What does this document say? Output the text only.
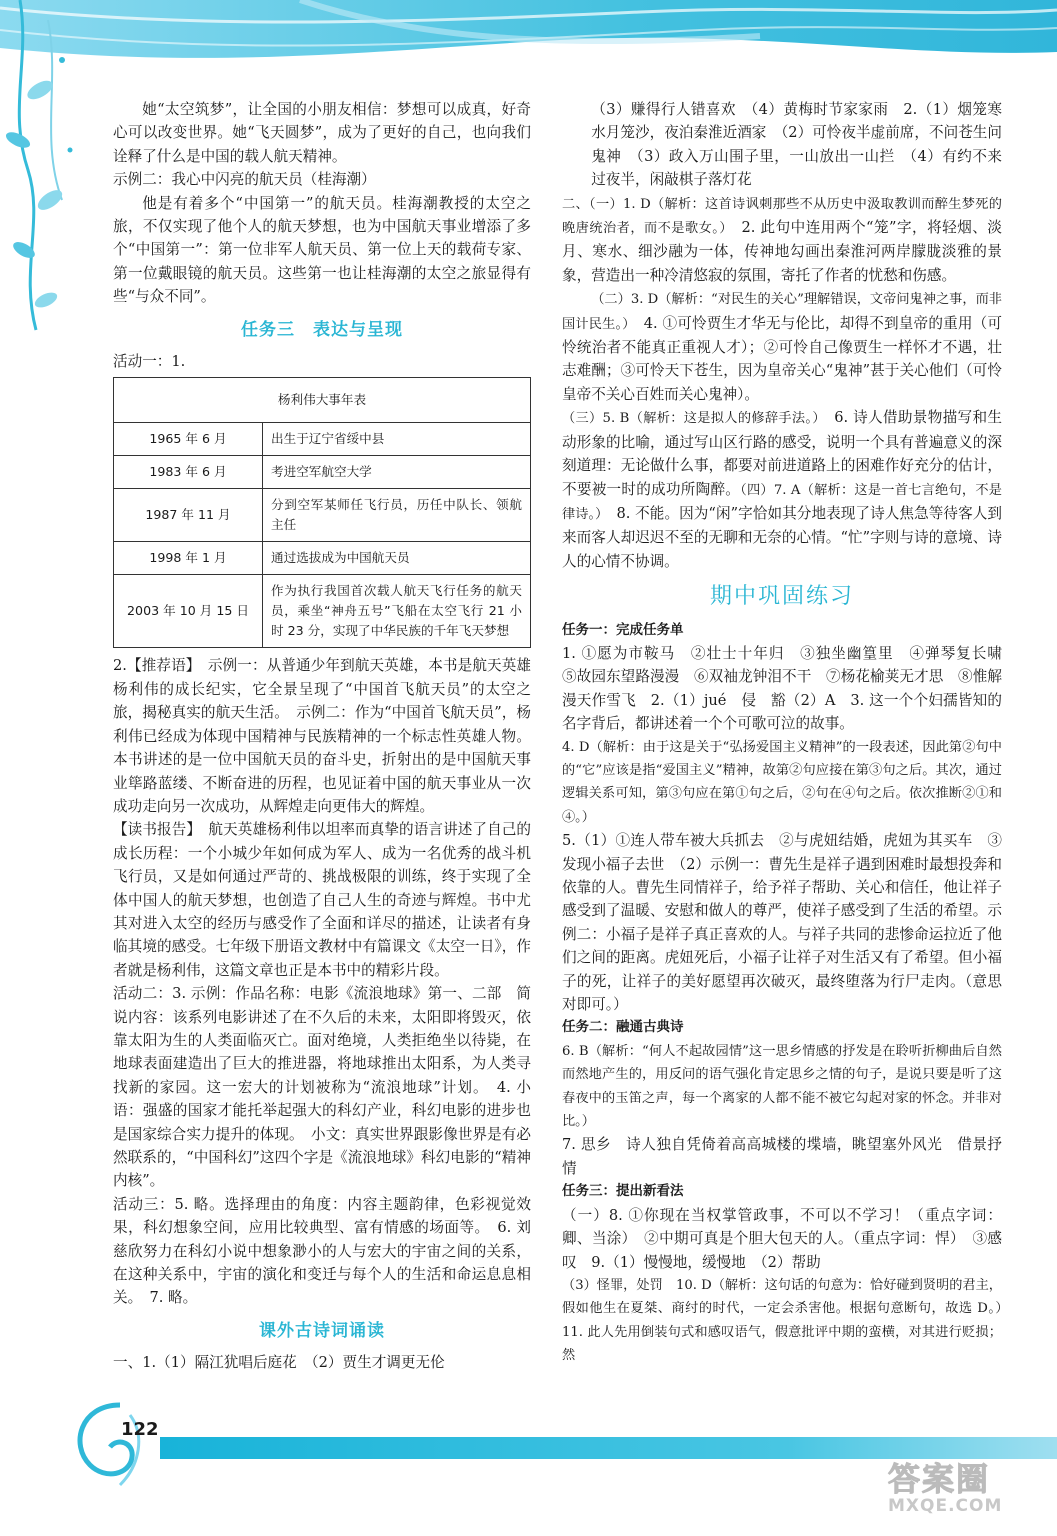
她“太空筑梦”，让全国的小朋友相信：梦想可以成真，好奇心可以改变世界。她“飞天圆梦”，成为了更好的自己，也向我们诠释了什么是中国的载人航天精神。

示例二：我心中闪亮的航天员（桂海潮）

他是有着多个“中国第一”的航天员。桂海潮教授的太空之旅，不仅实现了他个人的航天梦想，也为中国航天事业增添了多个“中国第一”：第一位非军人航天员、第一位上天的载荷专家、第一位戴眼镜的航天员。这些第一也让桂海潮的太空之旅显得有些“与众不同”。

任务三　表达与呈现

活动一：1.

杨利伟大事年表	
1965 年 6 月	出生于辽宁省绥中县
1983 年 6 月	考进空军航空大学
1987 年 11 月	分到空军某师任飞行员，历任中队长、领航主任
1998 年 1 月	通过选拔成为中国航天员
2003 年 10 月 15 日	作为执行我国首次载人航天飞行任务的航天员，乘坐“神舟五号”飞船在太空飞行 21 小时 23 分，实现了中华民族的千年飞天梦想

2.【推荐语】　示例一：从普通少年到航天英雄，本书是航天英雄杨利伟的成长纪实，它全景呈现了“中国首飞航天员”的太空之旅，揭秘真实的航天生活。　示例二：作为“中国首飞航天员”，杨利伟已经成为体现中国精神与民族精神的一个标志性英雄人物。本书讲述的是一位中国航天员的奋斗史，折射出的是中国航天事业筚路蓝缕、不断奋进的历程，也见证着中国的航天事业从一次成功走向另一次成功，从辉煌走向更伟大的辉煌。

【读书报告】　航天英雄杨利伟以坦率而真挚的语言讲述了自己的成长历程：一个小城少年如何成为军人、成为一名优秀的战斗机飞行员，又是如何通过严苛的、挑战极限的训练，终于实现了全体中国人的航天梦想，也创造了自己人生的奇迹与辉煌。书中尤其对进入太空的经历与感受作了全面和详尽的描述，让读者有身临其境的感受。七年级下册语文教材中有篇课文《太空一日》，作者就是杨利伟，这篇文章也正是本书中的精彩片段。

活动二：3. 示例：作品名称：电影《流浪地球》第一、二部　简说内容：该系列电影讲述了在不久后的未来，太阳即将毁灭，依靠太阳为生的人类面临灭亡。面对绝境，人类拒绝坐以待毙，在地球表面建造出了巨大的推进器，将地球推出太阳系，为人类寻找新的家园。这一宏大的计划被称为“流浪地球”计划。　4. 小语：强盛的国家才能托举起强大的科幻产业，科幻电影的进步也是国家综合实力提升的体现。　小文：真实世界跟影像世界是有必然联系的，“中国科幻”这四个字是《流浪地球》科幻电影的“精神内核”。

活动三：5. 略。选择理由的角度：内容主题韵律，色彩视觉效果，科幻想象空间，应用比较典型、富有情感的场面等。　6. 刘慈欣努力在科幻小说中想象渺小的人与宏大的宇宙之间的关系，在这种关系中，宇宙的演化和变迁与每个人的生活和命运息息相关。　7. 略。

课外古诗词诵读

一、1.（1）隔江犹唱后庭花　（2）贾生才调更无伦

（3）赚得行人错喜欢　（4）黄梅时节家家雨　2.（1）烟笼寒水月笼沙，夜泊秦淮近酒家　（2）可怜夜半虚前席，不问苍生问鬼神　（3）政入万山围子里，一山放出一山拦　（4）有约不来过夜半，闲敲棋子落灯花

二、（一）1. D（解析：这首诗讽刺那些不从历史中汲取教训而醉生梦死的晚唐统治者，而不是歌女。）　2. 此句中连用两个“笼”字，将轻烟、淡月、寒水、细沙融为一体，传神地勾画出秦淮河两岸朦胧淡雅的景象，营造出一种冷清悠寂的氛围，寄托了作者的忧愁和伤感。

（二）3. D（解析：“对民生的关心”理解错误，文帝问鬼神之事，而非国计民生。）　4. ①可怜贾生才华无与伦比，却得不到皇帝的重用（可怜统治者不能真正重视人才）；②可怜自己像贾生一样怀才不遇，壮志难酬；③可怜天下苍生，因为皇帝关心“鬼神”甚于关心他们（可怜皇帝不关心百姓而关心鬼神）。

（三）5. B（解析：这是拟人的修辞手法。）　6. 诗人借助景物描写和生动形象的比喻，通过写山区行路的感受，说明一个具有普遍意义的深刻道理：无论做什么事，都要对前进道路上的困难作好充分的估计，不要被一时的成功所陶醉。（四）7. A（解析：这是一首七言绝句，不是律诗。）　8. 不能。因为“闲”字恰如其分地表现了诗人焦急等待客人到来而客人却迟迟不至的无聊和无奈的心情。“忙”字则与诗的意境、诗人的心情不协调。

期中巩固练习

任务一：完成任务单

1. ①愿为市鞍马　②壮士十年归　③独坐幽篁里　④弹琴复长啸　⑤故园东望路漫漫　⑥双袖龙钟泪不干　⑦杨花榆荚无才思　⑧惟解漫天作雪飞　2.（1）jué　侵　豁（2）A　3. 这一个个妇孺皆知的名字背后，都讲述着一个个可歌可泣的故事。

4. D（解析：由于这是关于“弘扬爱国主义精神”的一段表述，因此第②句中的“它”应该是指“爱国主义”精神，故第②句应接在第③句之后。其次，通过逻辑关系可知，第③句应在第①句之后，②句在④句之后。依次推断②①和④。）

5.（1）①连人带车被大兵抓去　②与虎妞结婚，虎妞为其买车　③发现小福子去世　（2）示例一：曹先生是祥子遇到困难时最想投奔和依靠的人。曹先生同情祥子，给予祥子帮助、关心和信任，他让祥子感受到了温暖、安慰和做人的尊严，使祥子感受到了生活的希望。示例二：小福子是祥子真正喜欢的人。与祥子共同的悲惨命运拉近了他们之间的距离。虎妞死后，小福子让祥子对生活又有了希望。但小福子的死，让祥子的美好愿望再次破灭，最终堕落为行尸走肉。（意思对即可。）

任务二：融通古典诗

6. B（解析：“何人不起故园情”这一思乡情感的抒发是在聆听折柳曲后自然而然地产生的，用反问的语气强化肯定思乡之情的句子，是说只要是听了这春夜中的玉笛之声，每一个离家的人都不能不被它勾起对家的怀念。并非对比。）

7. 思乡　诗人独自凭倚着高高城楼的堞墙，眺望塞外风光　借景抒情

任务三：提出新看法

（一）8. ①你现在当权掌管政事，不可以不学习！（重点字词：卿、当涂）　②中期可真是个胆大包天的人。（重点字词：悍）　③感叹　9.（1）慢慢地，缓慢地　（2）帮助

（3）怪罪，处罚　10. D（解析：这句话的句意为：恰好碰到贤明的君主，假如他生在夏桀、商纣的时代，一定会杀害他。根据句意断句，故选 D。）　11. 此人先用倒装句式和感叹语气，假意批评中期的蛮横，对其进行贬损；然

122
答案圈
MXQE.COM
